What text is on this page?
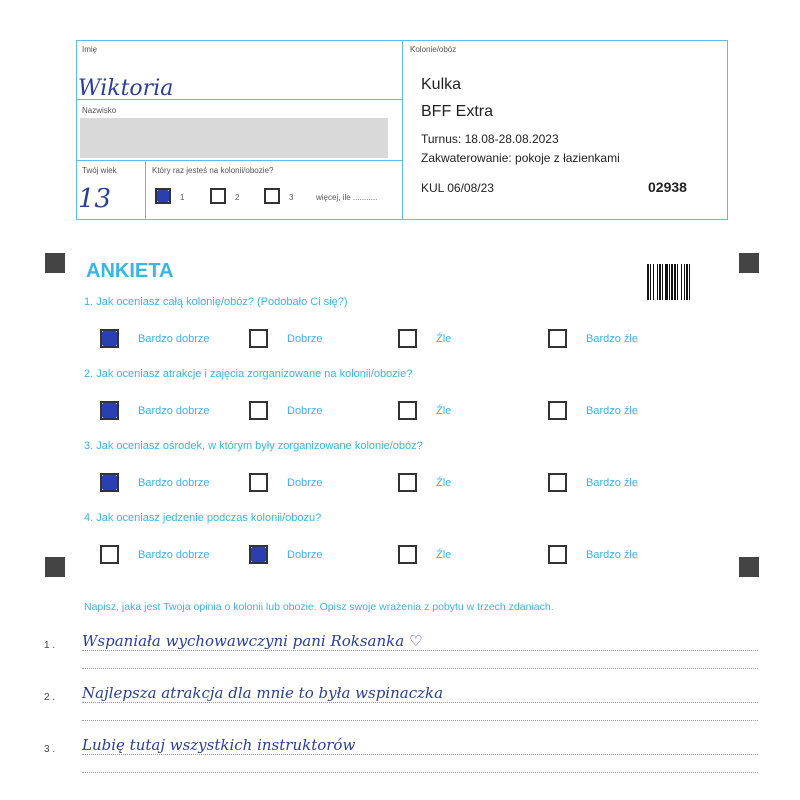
Imię
Wiktoria
Nazwisko
Twój wiek
13
Który raz jesteś na kolonii/obozie?
1	2	3	więcej, ile ...........
Kolonie/obóz
Kulka
BFF Extra
Turnus: 18.08-28.08.2023
Zakwaterowanie: pokoje z łazienkami
KUL 06/08/23	02938
ANKIETA
1. Jak oceniasz całą kolonię/obóz? (Podobało Ci się?)
Bardzo dobrze	Dobrze	Źle	Bardzo źle
2. Jak oceniasz atrakcje i zajęcia zorganizowane na kolonii/obozie?
Bardzo dobrze	Dobrze	Źle	Bardzo źle
3. Jak oceniasz ośrodek, w którym były zorganizowane kolonie/obóz?
Bardzo dobrze	Dobrze	Źle	Bardzo źle
4. Jak oceniasz jedzenie podczas kolonii/obozu?
Bardzo dobrze	Dobrze	Źle	Bardzo źle
Napisz, jaka jest Twoja opinia o kolonii lub obozie. Opisz swoje wrażenia z pobytu w trzech zdaniach.
1 . Wspaniała wychowawczyni pani Roksanka ♡
2 . Najlepsza atrakcja dla mnie to była wspinaczka
3 . Lubię tutaj wszystkich instruktorów
